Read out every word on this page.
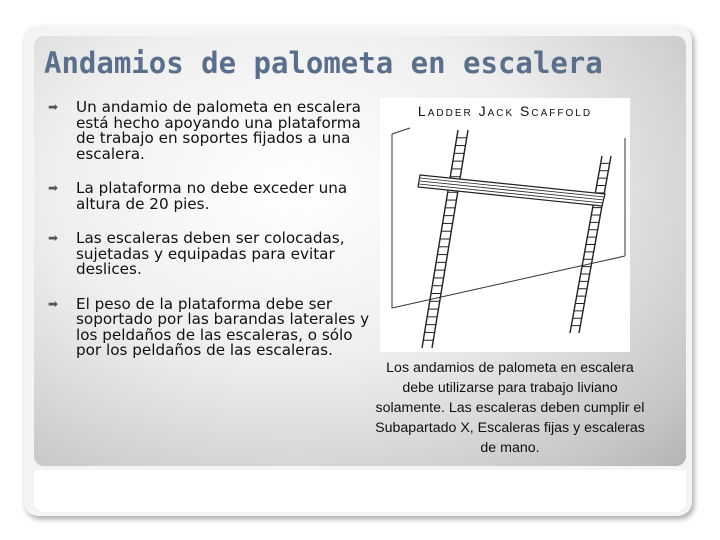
Andamios de palometa en escalera
➡ Un andamio de palometa en escalera está hecho apoyando una plataforma de trabajo en soportes fijados a una escalera.
➡ La plataforma no debe exceder una altura de 20 pies.
➡ Las escaleras deben ser colocadas, sujetadas y equipadas para evitar deslices.
➡ El peso de la plataforma debe ser soportado por las barandas laterales y los peldaños de las escaleras, o sólo por los peldaños de las escaleras.
Ladder Jack Scaffold
Los andamios de palometa en escalera debe utilizarse para trabajo liviano solamente. Las escaleras deben cumplir el Subapartado X, Escaleras fijas y escaleras de mano.
